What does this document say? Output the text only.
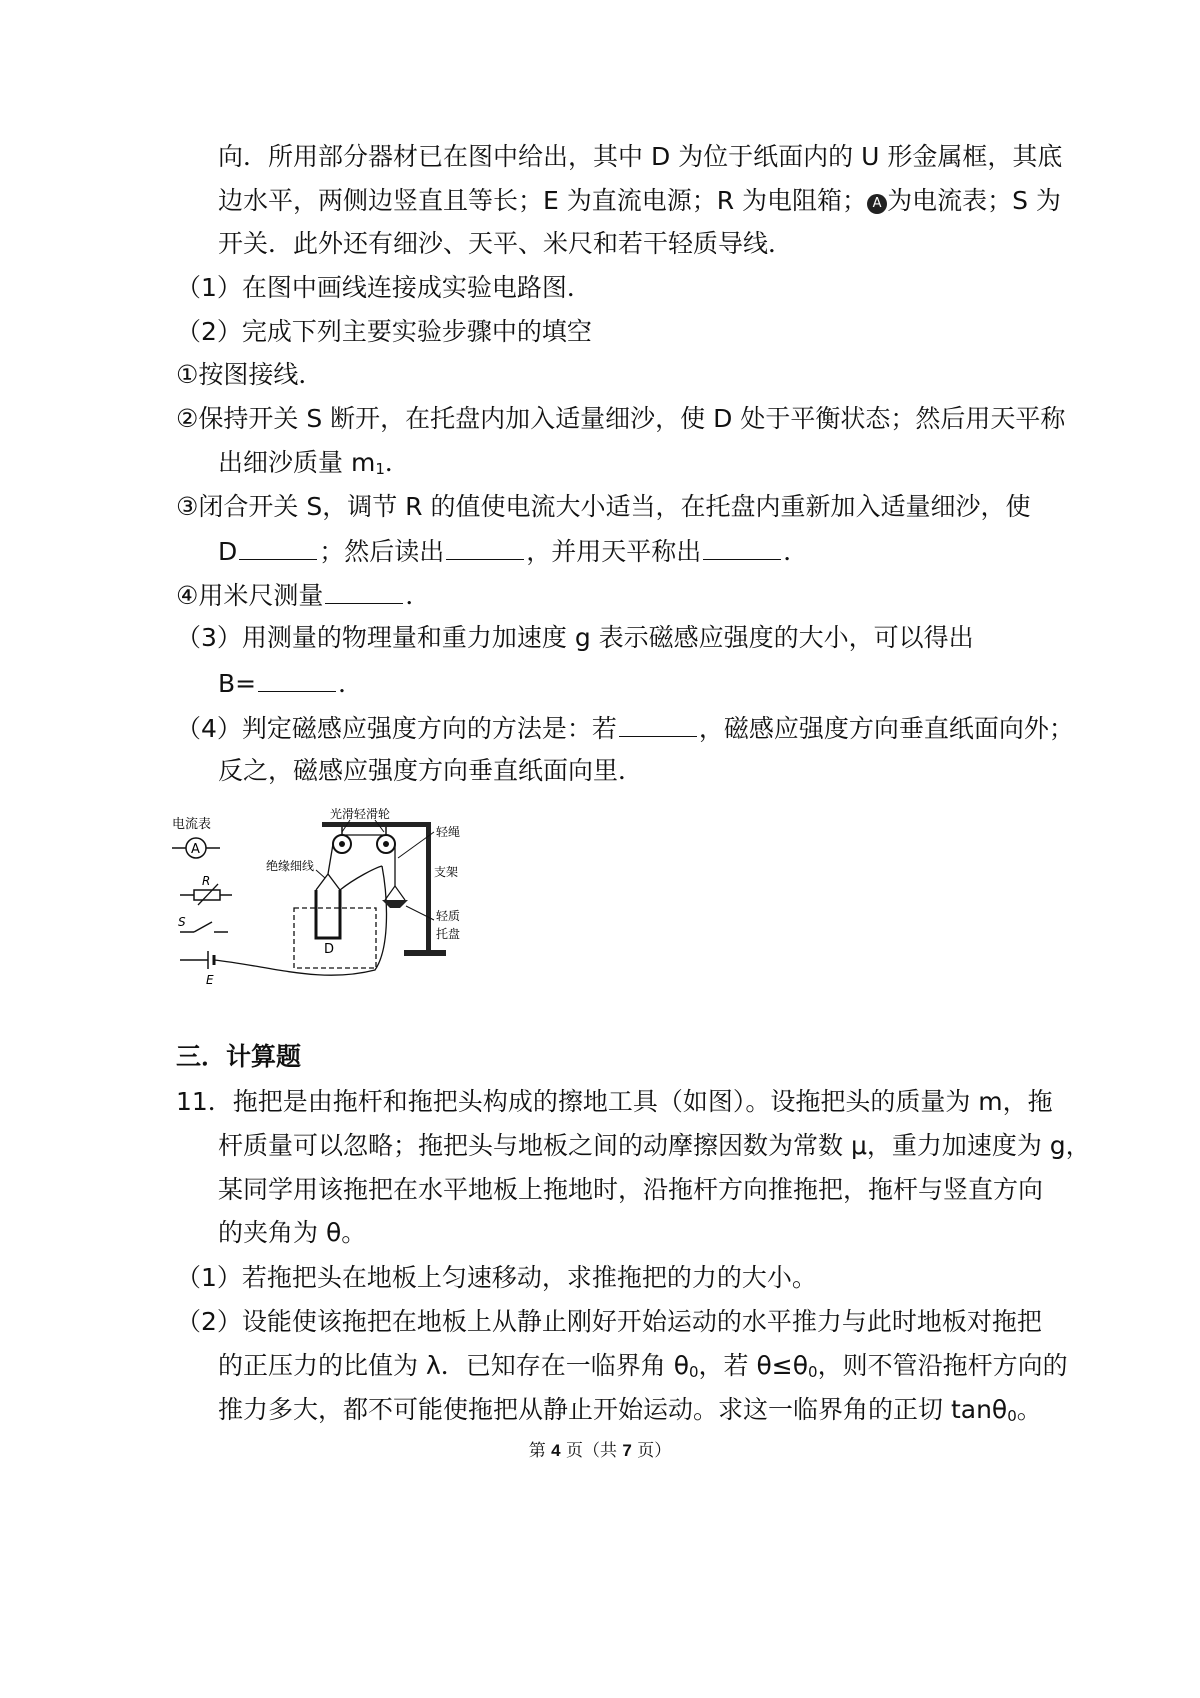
向．所用部分器材已在图中给出，其中 D 为位于纸面内的 U 形金属框，其底
边水平，两侧边竖直且等长；E 为直流电源；R 为电阻箱； A 为电流表；S 为
开关．此外还有细沙、天平、米尺和若干轻质导线．
（1）在图中画线连接成实验电路图．
（2）完成下列主要实验步骤中的填空
①按图接线．
②保持开关 S 断开，在托盘内加入适量细沙，使 D 处于平衡状态；然后用天平称
出细沙质量 $m_1$．
③闭合开关 S，调节 R 的值使电流大小适当，在托盘内重新加入适量细沙，使
D	；然后读出	，并用天平称出	．
④用米尺测量	．
（3）用测量的物理量和重力加速度 g 表示磁感应强度的大小，可以得出
B=	．
（4）判定磁感应强度方向的方法是：若	，磁感应强度方向垂直纸面向外；
反之，磁感应强度方向垂直纸面向里．
电流表
A
R
S
E
光滑轻滑轮
轻绳
支架
轻质
托盘
绝缘细线
D
三．计算题
11．拖把是由拖杆和拖把头构成的擦地工具（如图）。设拖把头的质量为 m，拖
杆质量可以忽略；拖把头与地板之间的动摩擦因数为常数 μ，重力加速度为 g，
某同学用该拖把在水平地板上拖地时，沿拖杆方向推拖把，拖杆与竖直方向
的夹角为 θ。
（1）若拖把头在地板上匀速移动，求推拖把的力的大小。
（2）设能使该拖把在地板上从静止刚好开始运动的水平推力与此时地板对拖把
的正压力的比值为 λ．已知存在一临界角 $\theta_0$，若 $\theta\le\theta_0$，则不管沿拖杆方向的
推力多大，都不可能使拖把从静止开始运动。求这一临界角的正切 tanθ$_0$。
第 4 页（共 7 页）
